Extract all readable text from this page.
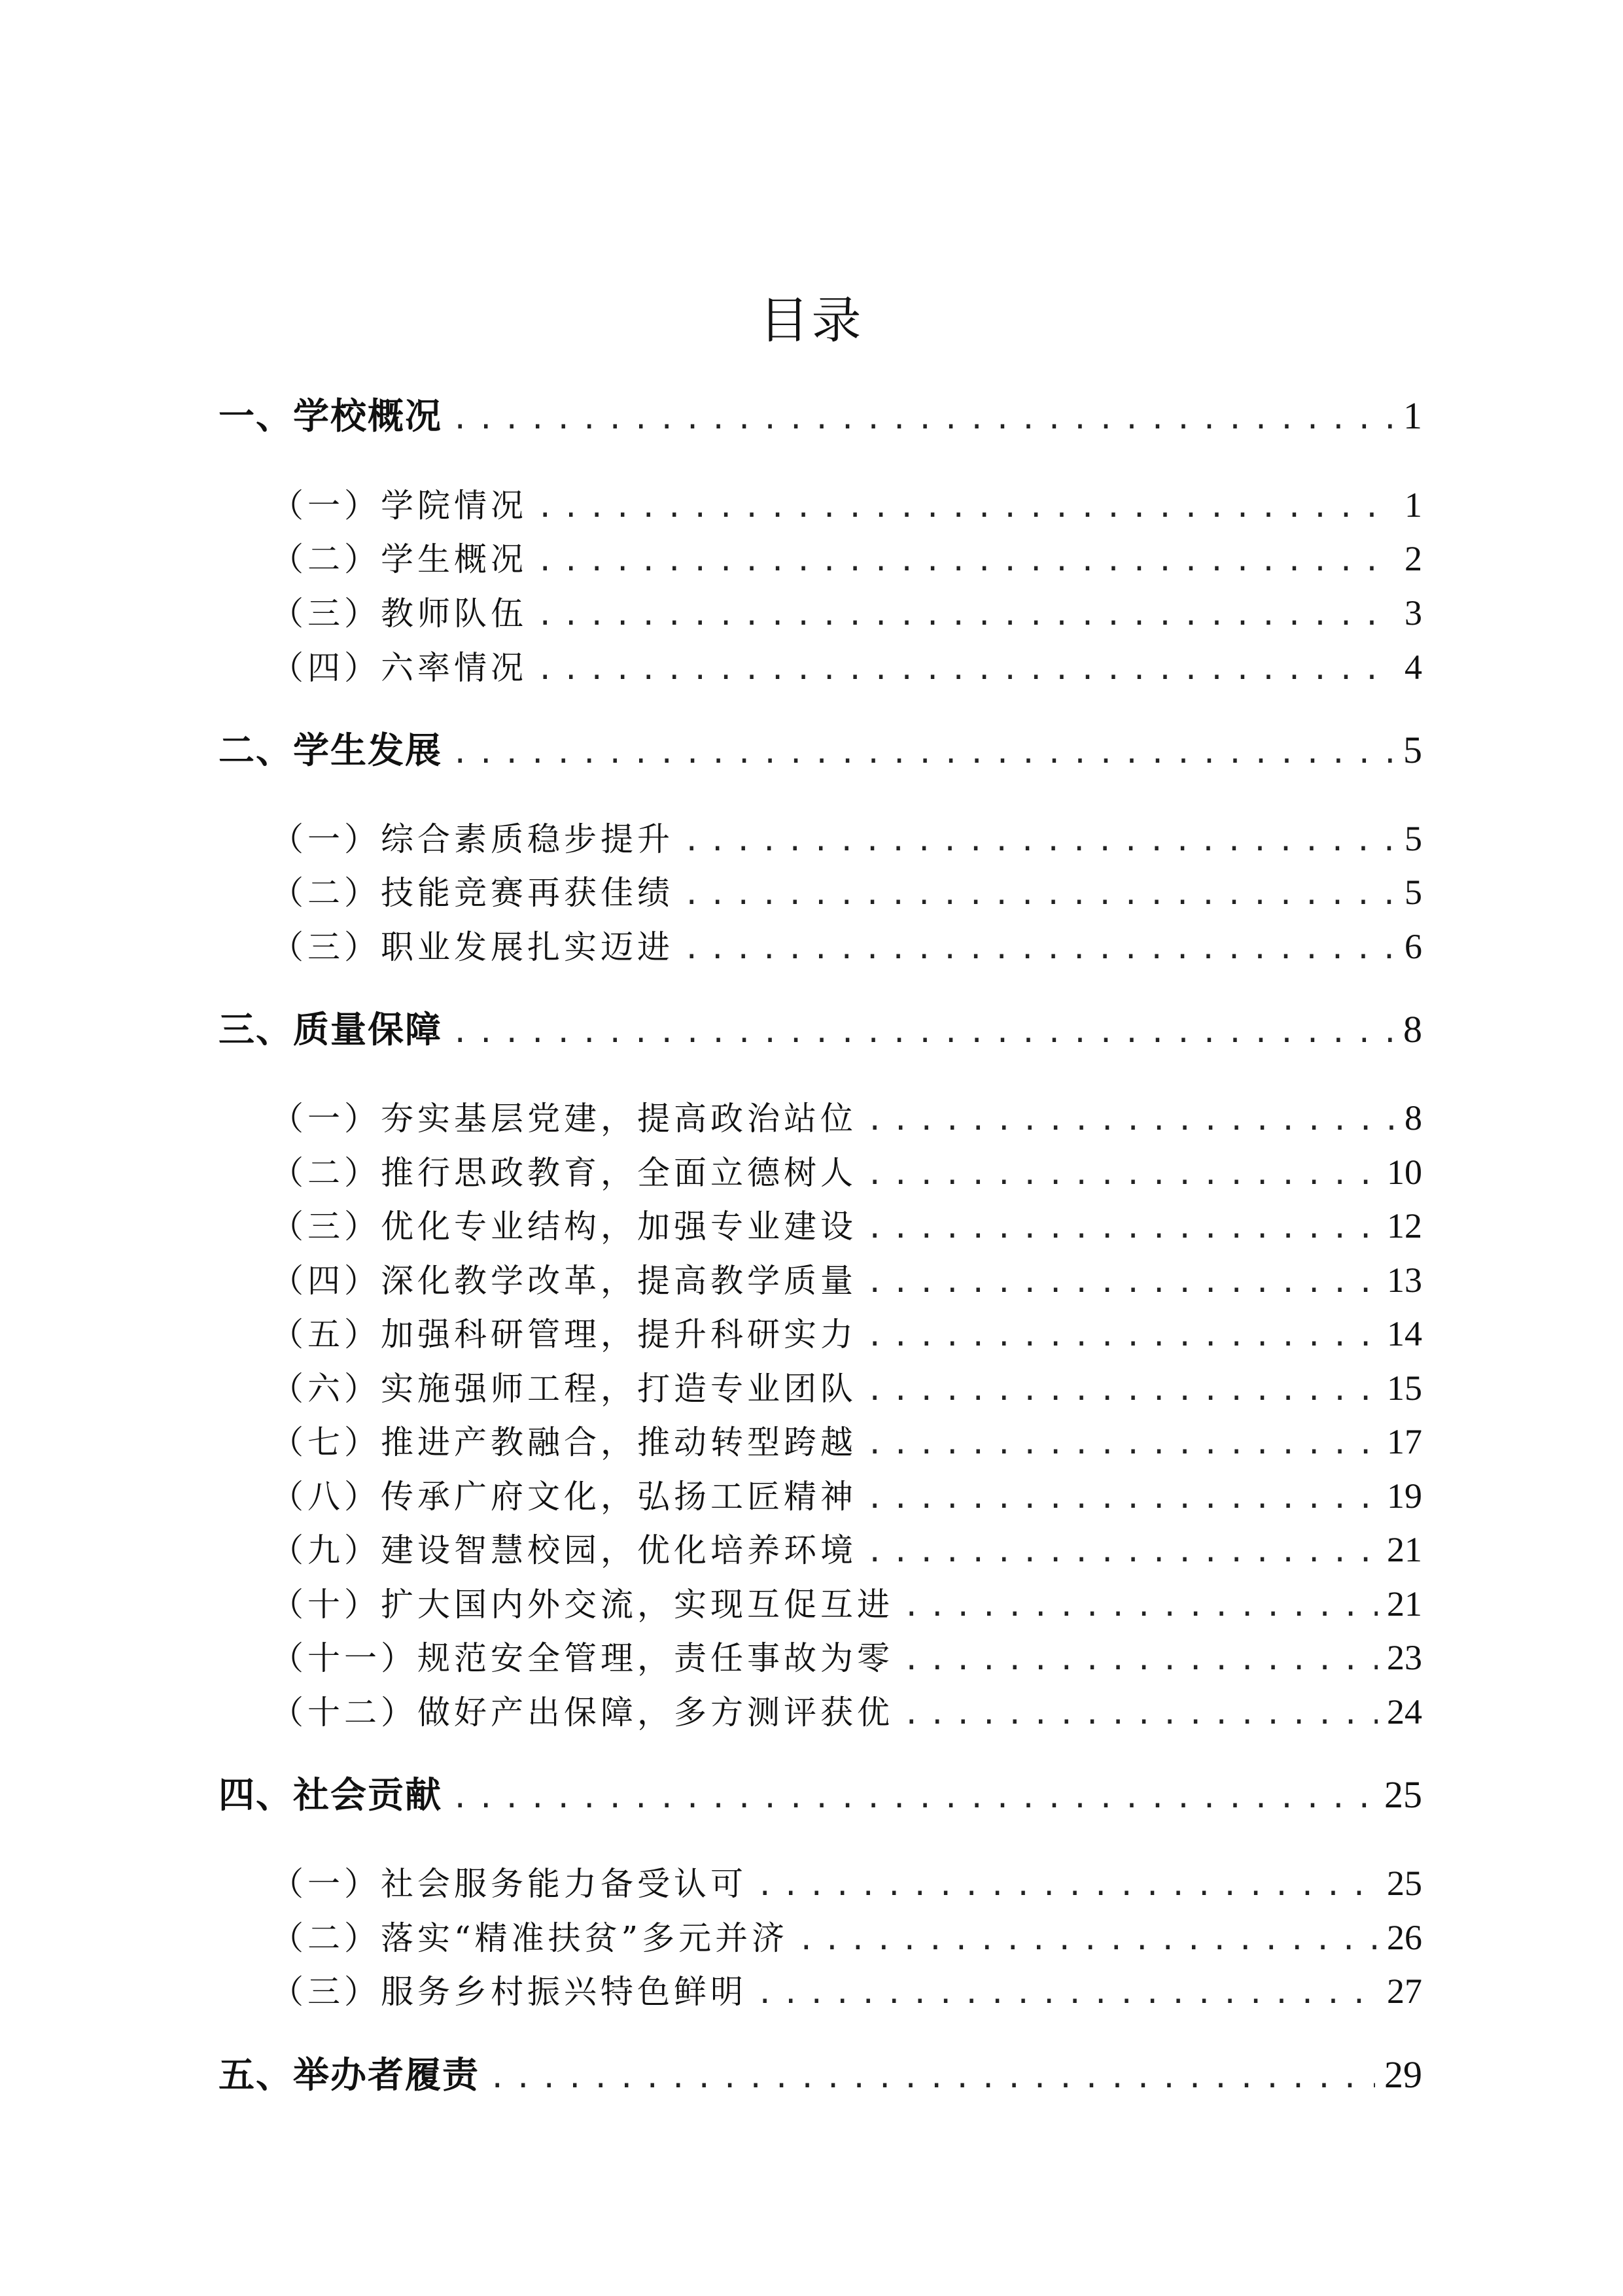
目录
一、学校概况 .....	1
（一）学院情况 .....	1
（二）学生概况 .....	2
（三）教师队伍 .....	3
（四）六率情况 .....	4
二、学生发展 .....	5
（一）综合素质稳步提升 .....	5
（二）技能竞赛再获佳绩 .....	5
（三）职业发展扎实迈进 .....	6
三、质量保障 .....	8
（一）夯实基层党建，提高政治站位 .....	8
（二）推行思政教育，全面立德树人 .....	10
（三）优化专业结构，加强专业建设 .....	12
（四）深化教学改革，提高教学质量 .....	13
（五）加强科研管理，提升科研实力 .....	14
（六）实施强师工程，打造专业团队 .....	15
（七）推进产教融合，推动转型跨越 .....	17
（八）传承广府文化，弘扬工匠精神 .....	19
（九）建设智慧校园，优化培养环境 .....	21
（十）扩大国内外交流，实现互促互进 .....	21
（十一）规范安全管理，责任事故为零 .....	23
（十二）做好产出保障，多方测评获优 .....	24
四、社会贡献 .....	25
（一）社会服务能力备受认可 .....	25
（二）落实“精准扶贫”多元并济 .....	26
（三）服务乡村振兴特色鲜明 .....	27
五、举办者履责 .....	29
